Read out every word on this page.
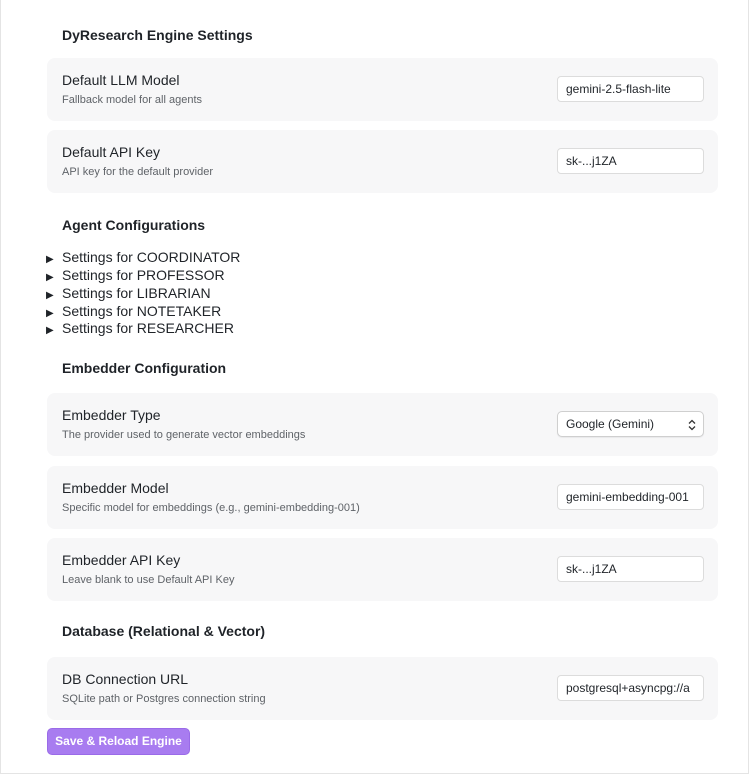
DyResearch Engine Settings
Default LLM Model
Fallback model for all agents
gemini-2.5-flash-lite
Default API Key
API key for the default provider
sk-...j1ZA
Agent Configurations
▶ Settings for COORDINATOR
▶ Settings for PROFESSOR
▶ Settings for LIBRARIAN
▶ Settings for NOTETAKER
▶ Settings for RESEARCHER
Embedder Configuration
Embedder Type
The provider used to generate vector embeddings
Google (Gemini)
Embedder Model
Specific model for embeddings (e.g., gemini-embedding-001)
gemini-embedding-001
Embedder API Key
Leave blank to use Default API Key
sk-...j1ZA
Database (Relational & Vector)
DB Connection URL
SQLite path or Postgres connection string
postgresql+asyncpg://a
Save & Reload Engine
